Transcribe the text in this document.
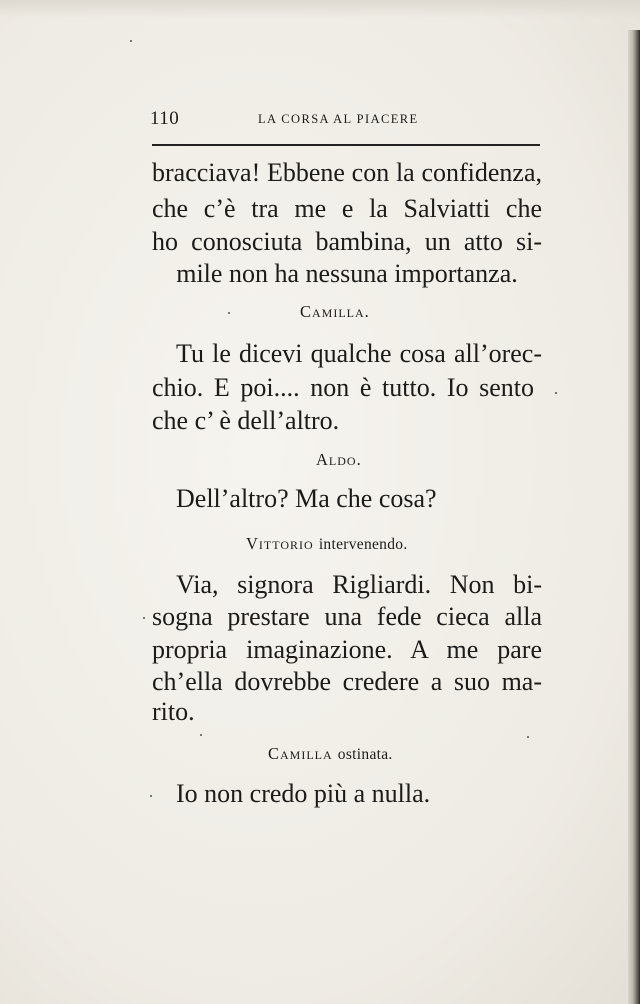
110	LA CORSA AL PIACERE
bracciava! Ebbene con la confidenza,
che c’è tra me e la Salviatti che
ho conosciuta bambina, un atto si-
mile non ha nessuna importanza.
Camilla.
Tu le dicevi qualche cosa all’orec-
chio. E poi.... non è tutto. Io sento
che c’ è dell’altro.
Aldo.
Dell’altro? Ma che cosa?
Vittorio intervenendo.
Via, signora Rigliardi. Non bi-
sogna prestare una fede cieca alla
propria imaginazione. A me pare
ch’ella dovrebbe credere a suo ma-
rito.
Camilla ostinata.
Io non credo più a nulla.
